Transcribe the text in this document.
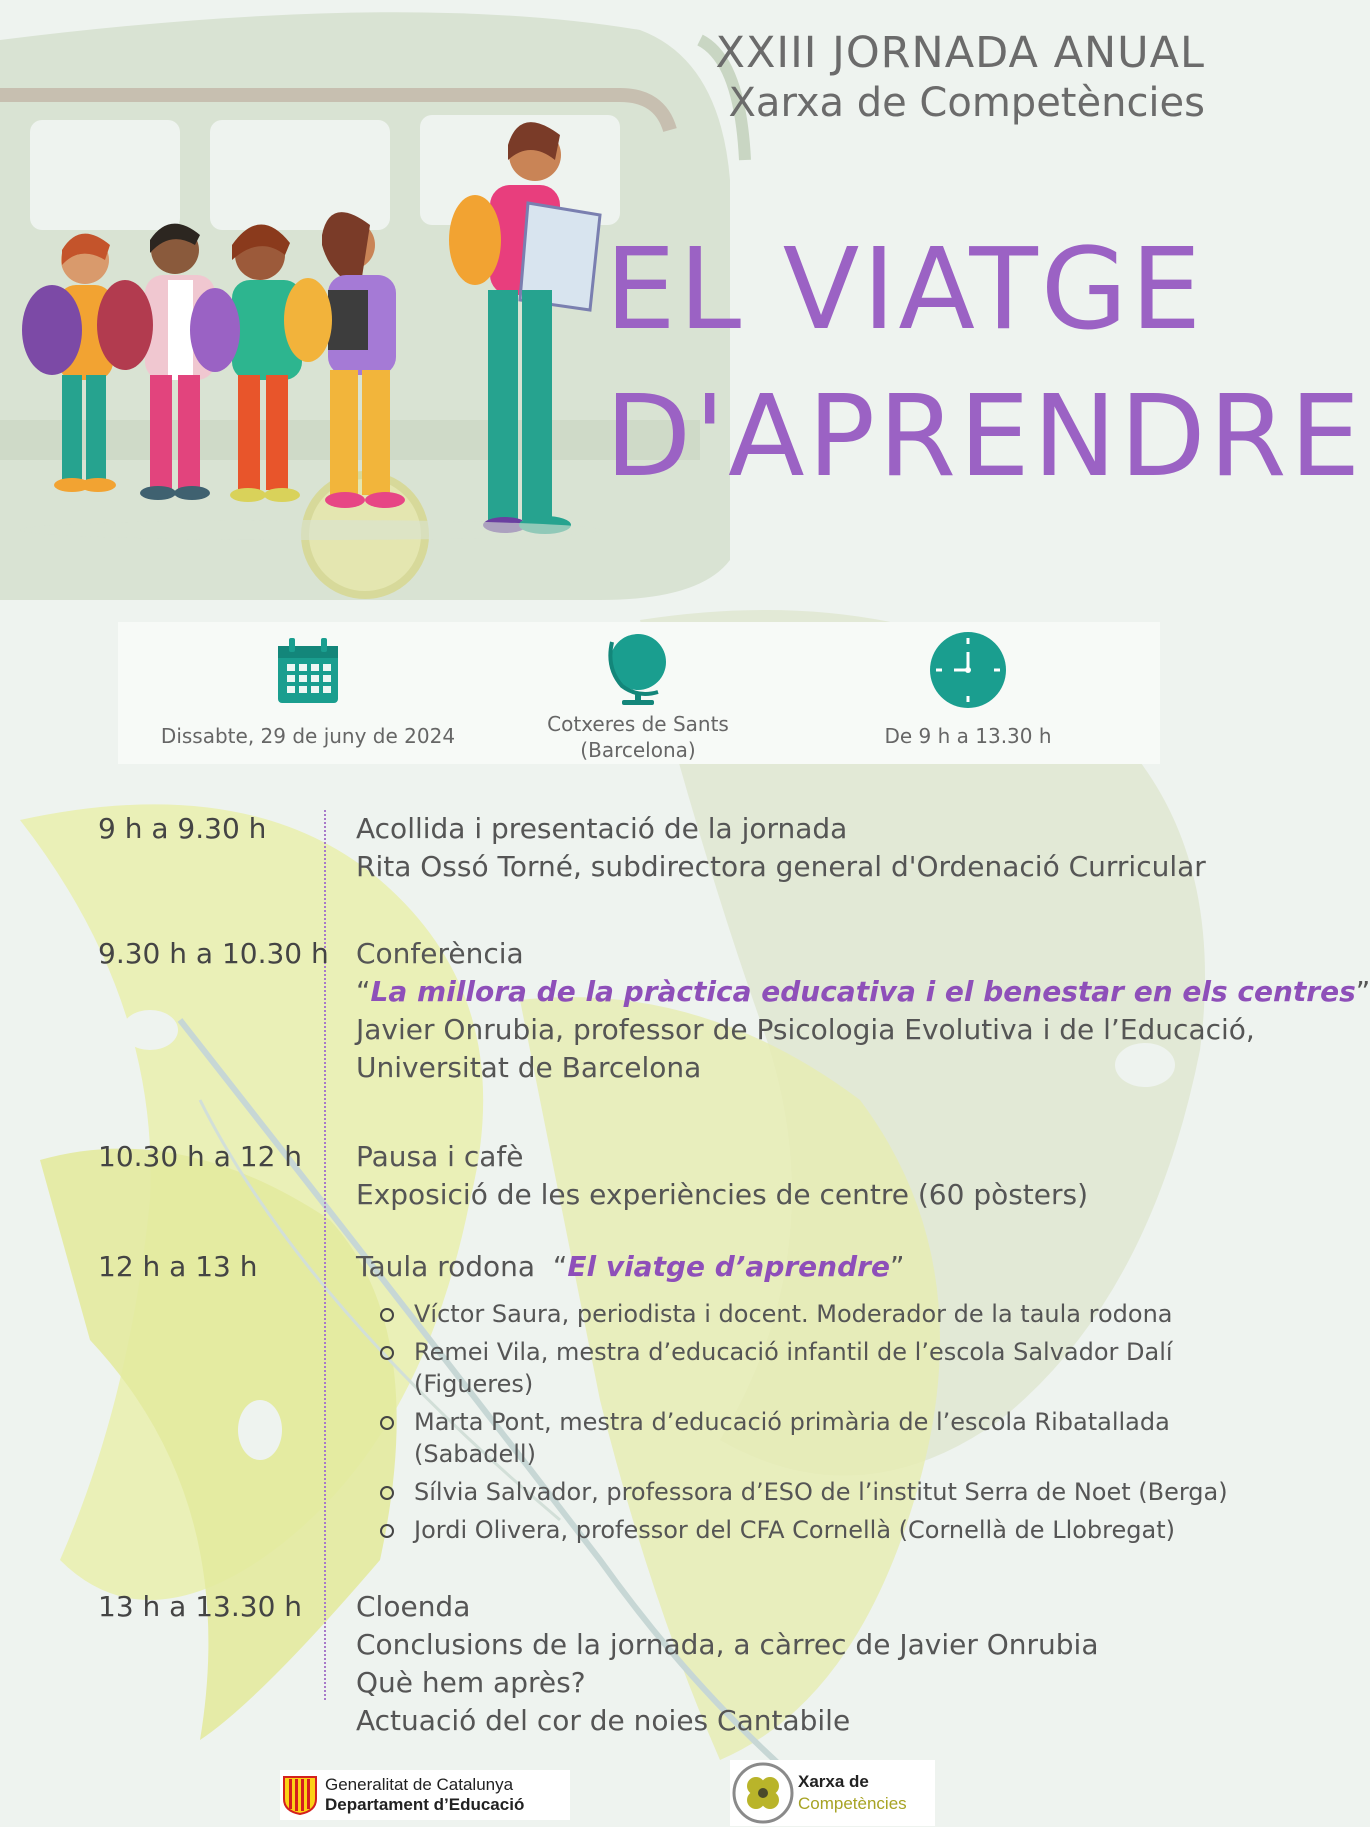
XXIII JORNADA ANUAL
Xarxa de Competències
EL VIATGE
D'APRENDRE
Dissabte, 29 de juny de 2024	Cotxeres de Sants
(Barcelona)
De 9 h a 13.30 h
9 h a 9.30 h	Acollida i presentació de la jornada
Rita Ossó Torné, subdirectora general d'Ordenació Curricular
9.30 h a 10.30 h Conferència
“La millora de la pràctica educativa i el benestar en els centres”
Javier Onrubia, professor de Psicologia Evolutiva i de l’Educació,
Universitat de Barcelona
10.30 h a 12 h Pausa i cafè
Exposició de les experiències de centre (60 pòsters)
12 h a 13 h	Taula rodona  “El viatge d’aprendre”

Víctor Saura, periodista i docent. Moderador de la taula rodona

Remei Vila, mestra d’educació infantil de l’escola Salvador Dalí (Figueres)

Marta Pont, mestra d’educació primària de l’escola Ribatallada (Sabadell)

Sílvia Salvador, professora d’ESO de l’institut Serra de Noet (Berga)

Jordi Olivera, professor del CFA Cornellà (Cornellà de Llobregat)

13 h a 13.30 h Cloenda
Conclusions de la jornada, a càrrec de Javier Onrubia
Què hem après?
Actuació del cor de noies Cantabile
Generalitat de Catalunya
Departament d’Educació
Xarxa de
Competències
